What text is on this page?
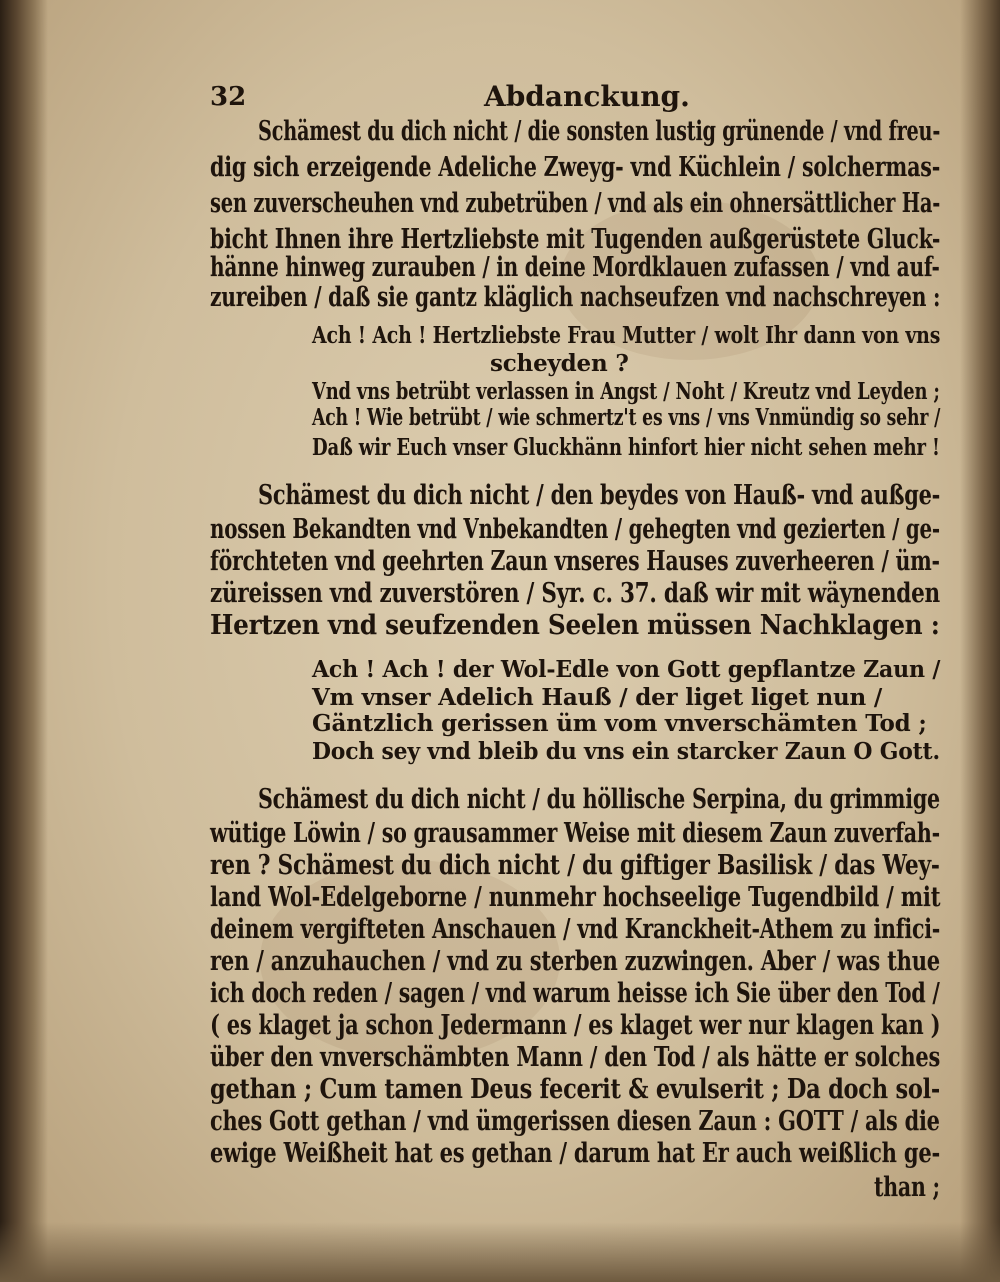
32	Abdanckung.
Schämest du dich nicht / die sonsten lustig grünende / vnd freu-
dig sich erzeigende Adeliche Zweyg- vnd Küchlein / solchermas-
sen zuverscheuhen vnd zubetrüben / vnd als ein ohnersättlicher Ha-
bicht Ihnen ihre Hertzliebste mit Tugenden außgerüstete Gluck-
hänne hinweg zurauben / in deine Mordklauen zufassen / vnd auf-
zureiben / daß sie gantz kläglich nachseufzen vnd nachschreyen :
Ach ! Ach ! Hertzliebste Frau Mutter / wolt Ihr dann von vns
scheyden ?
Vnd vns betrübt verlassen in Angst / Noht / Kreutz vnd Leyden ;
Ach ! Wie betrübt / wie schmertz't es vns / vns Vnmündig so sehr /
Daß wir Euch vnser Gluckhänn hinfort hier nicht sehen mehr !
Schämest du dich nicht / den beydes von Hauß- vnd außge-
nossen Bekandten vnd Vnbekandten / gehegten vnd gezierten / ge-
förchteten vnd geehrten Zaun vnseres Hauses zuverheeren / üm-
züreissen vnd zuverstören / Syr. c. 37. daß wir mit wäynenden
Hertzen vnd seufzenden Seelen müssen Nachklagen :
Ach ! Ach ! der Wol-Edle von Gott gepflantze Zaun /
Vm vnser Adelich Hauß / der liget liget nun /
Gäntzlich gerissen üm vom vnverschämten Tod ;
Doch sey vnd bleib du vns ein starcker Zaun O Gott.
Schämest du dich nicht / du höllische Serpina, du grimmige
wütige Löwin / so grausammer Weise mit diesem Zaun zuverfah-
ren ? Schämest du dich nicht / du giftiger Basilisk / das Wey-
land Wol-Edelgeborne / nunmehr hochseelige Tugendbild / mit
deinem vergifteten Anschauen / vnd Kranckheit-Athem zu infici-
ren / anzuhauchen / vnd zu sterben zuzwingen. Aber / was thue
ich doch reden / sagen / vnd warum heisse ich Sie über den Tod /
( es klaget ja schon Jedermann / es klaget wer nur klagen kan )
über den vnverschämbten Mann / den Tod / als hätte er solches
gethan ; Cum tamen Deus fecerit & evulserit ; Da doch sol-
ches Gott gethan / vnd ümgerissen diesen Zaun : GOTT / als die
ewige Weißheit hat es gethan / darum hat Er auch weißlich ge-
than ;
